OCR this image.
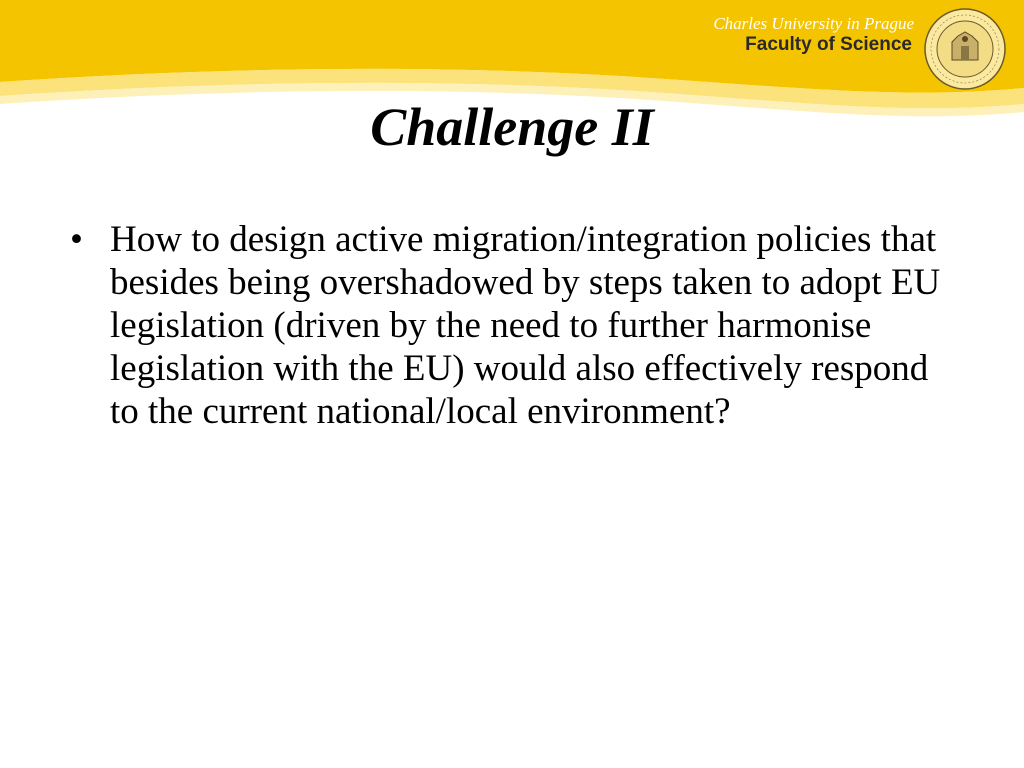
Charles University in Prague
Faculty of Science
Challenge II
• How to design active migration/integration policies that besides being overshadowed by steps taken to adopt EU legislation (driven by the need to further harmonise legislation with the EU) would also effectively respond to the current national/local environment?
